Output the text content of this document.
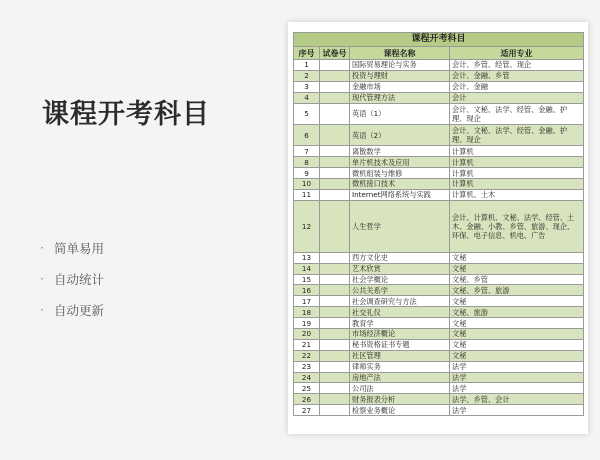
课程开考科目
· 简单易用
· 自动统计
· 自动更新
课程开考科目			
序号	试卷号	课程名称	适用专业
1		国际贸易理论与实务	会计、乡管、经管、现企
2		投资与理财	会计、金融、乡管
3		金融市场	会计、金融
4		现代管理方法	会计
5		英语（1）	会计、文秘、法学、经管、金融、护理、现企
6		英语（2）	会计、文秘、法学、经管、金融、护理、现企
7		离散数学	计算机
8		单片机技术及应用	计算机
9		微机组装与维修	计算机
10		微机接口技术	计算机
11		Internet网络系统与实践	计算机、土木
12		人生哲学	会计、计算机、文秘、法学、经管、土木、金融、小教、乡管、旅游、现企、环保、电子信息、机电、广告
13		西方文化史	文秘
14		艺术欣赏	文秘
15		社会学概论	文秘、乡管
16		公共关系学	文秘、乡管、旅游
17		社会调查研究与方法	文秘
18		社交礼仪	文秘、旅游
19		教育学	文秘
20		市场经济概论	文秘
21		秘书资格证书专题	文秘
22		社区管理	文秘
23		律师实务	法学
24		房地产法	法学
25		公司法	法学
26		财务报表分析	法学、乡管、会计
27		检察业务概论	法学
